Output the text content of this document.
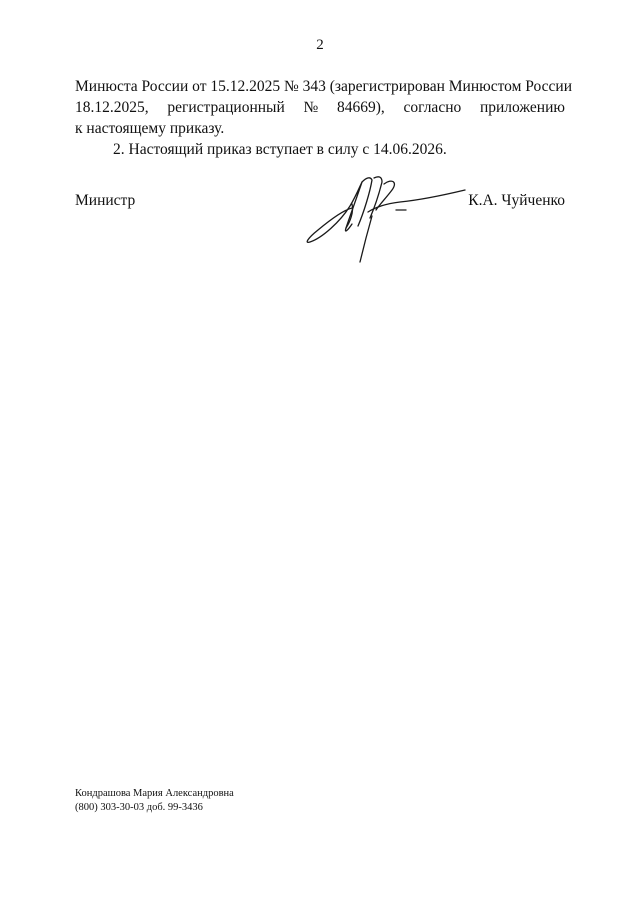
2
Минюста России от 15.12.2025 № 343 (зарегистрирован Минюстом России
18.12.2025, регистрационный № 84669), согласно приложению
к настоящему приказу.
2. Настоящий приказ вступает в силу с 14.06.2026.
Министр	К.А. Чуйченко
Кондрашова Мария Александровна
(800) 303-30-03 доб. 99-3436
